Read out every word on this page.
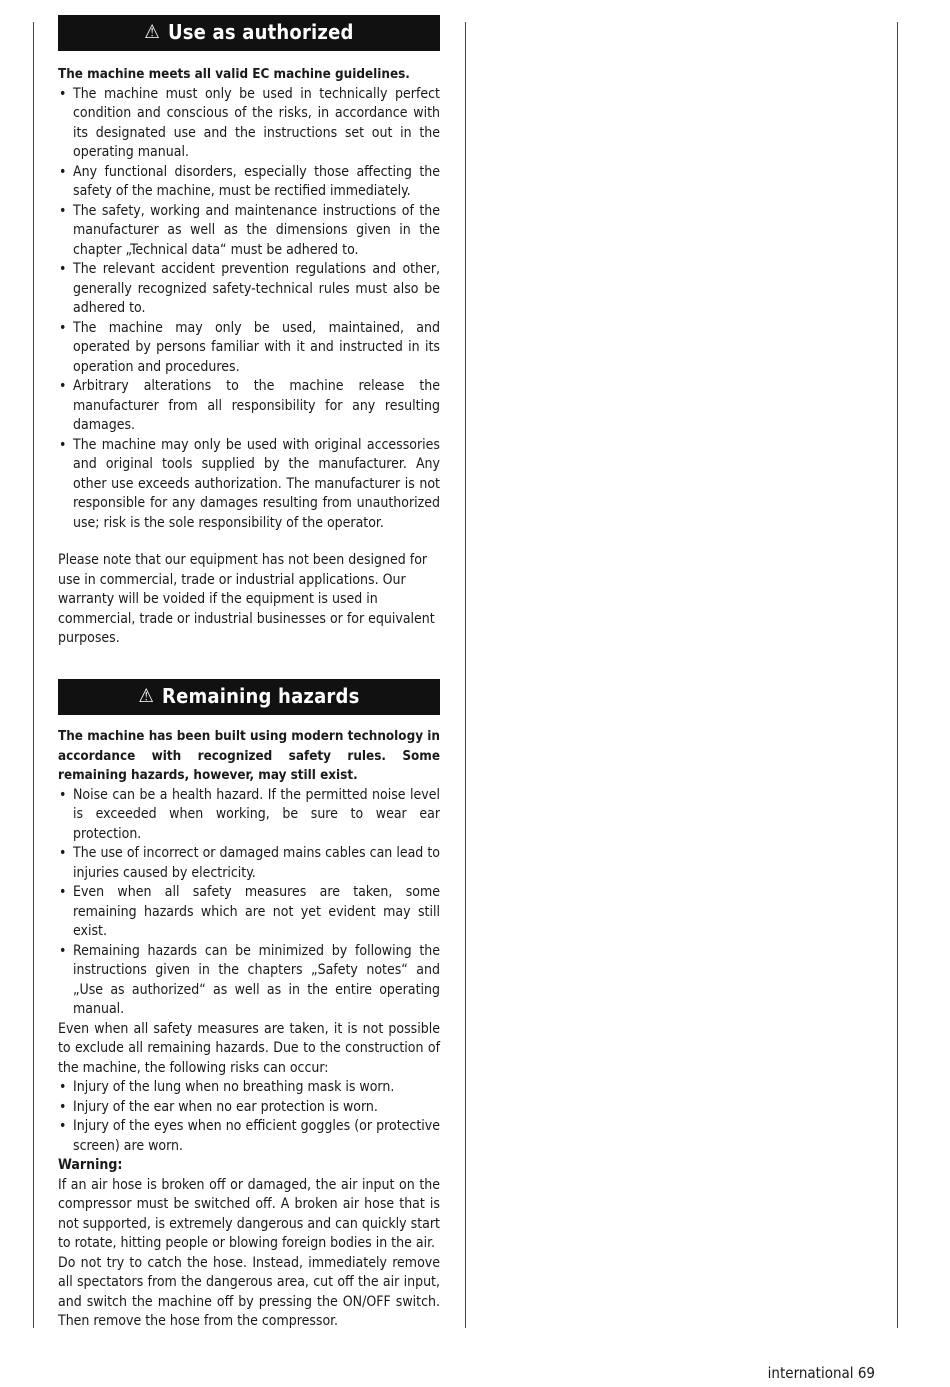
⚠ Use as authorized
The machine meets all valid EC machine guidelines.
• The machine must only be used in technically perfect condition and conscious of the risks, in accordance with its designated use and the instructions set out in the operating manual.
• Any functional disorders, especially those affecting the safety of the machine, must be rectified immediately.
• The safety, working and maintenance instructions of the manufacturer as well as the dimensions given in the chapter „Technical data“ must be adhered to.
• The relevant accident prevention regulations and other, generally recognized safety-technical rules must also be adhered to.
• The machine may only be used, maintained, and operated by persons familiar with it and instructed in its operation and procedures.
• Arbitrary alterations to the machine release the manufacturer from all responsibility for any resulting damages.
• The machine may only be used with original accessories and original tools supplied by the manufacturer. Any other use exceeds authorization. The manufacturer is not responsible for any damages resulting from unauthorized use; risk is the sole responsibility of the operator.

Please note that our equipment has not been designed for use in commercial, trade or industrial applications. Our warranty will be voided if the equipment is used in commercial, trade or industrial businesses or for equivalent purposes.

⚠ Remaining hazards
The machine has been built using modern technology in accordance with recognized safety rules. Some remaining hazards, however, may still exist.
• Noise can be a health hazard. If the permitted noise level is exceeded when working, be sure to wear ear protection.
• The use of incorrect or damaged mains cables can lead to injuries caused by electricity.
• Even when all safety measures are taken, some remaining hazards which are not yet evident may still exist.
• Remaining hazards can be minimized by following the instructions given in the chapters „Safety notes“ and „Use as authorized“ as well as in the entire operating manual.

Even when all safety measures are taken, it is not possible to exclude all remaining hazards. Due to the construction of the machine, the following risks can occur:

• Injury of the lung when no breathing mask is worn.
• Injury of the ear when no ear protection is worn.
• Injury of the eyes when no efficient goggles (or protective screen) are worn.
Warning:

If an air hose is broken off or damaged, the air input on the compressor must be switched off. A broken air hose that is not supported, is extremely dangerous and can quickly start to rotate, hitting people or blowing foreign bodies in the air.

Do not try to catch the hose. Instead, immediately remove all spectators from the dangerous area, cut off the air input, and switch the machine off by pressing the ON/OFF switch. Then remove the hose from the compressor.

international 69
